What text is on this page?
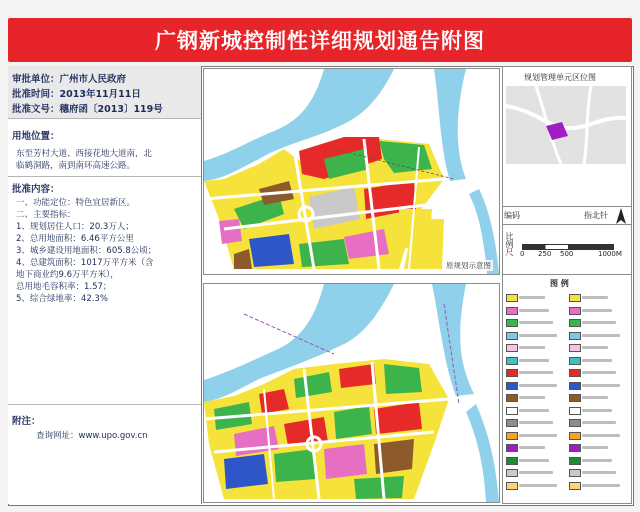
广钢新城控制性详细规划通告附图
审批单位：广州市人民政府
批准时间：2013年11月11日
批准文号：穗府函〔2013〕119号
用地位置：
东至芳村大道、西接花地大道南，北
临鹤洞路，南到南环高速公路。
批准内容：
一、功能定位：特色宜居新区。
二、主要指标：
1、规划居住人口：20.3万人；
2、总用地面积：6.46平方公里
3、城乡建设用地面积：605.8公顷；
4、总建筑面积：1017万平方米（含
地下商业约9.6万平方米），
总用地毛容积率：1.57；
5、综合绿地率：42.3%
附注：
查询网址：www.upo.gov.cn
原规划示意图
规划管理单元区位图
编码	指北针
比例尺 0 250 500	1000M
图 例
